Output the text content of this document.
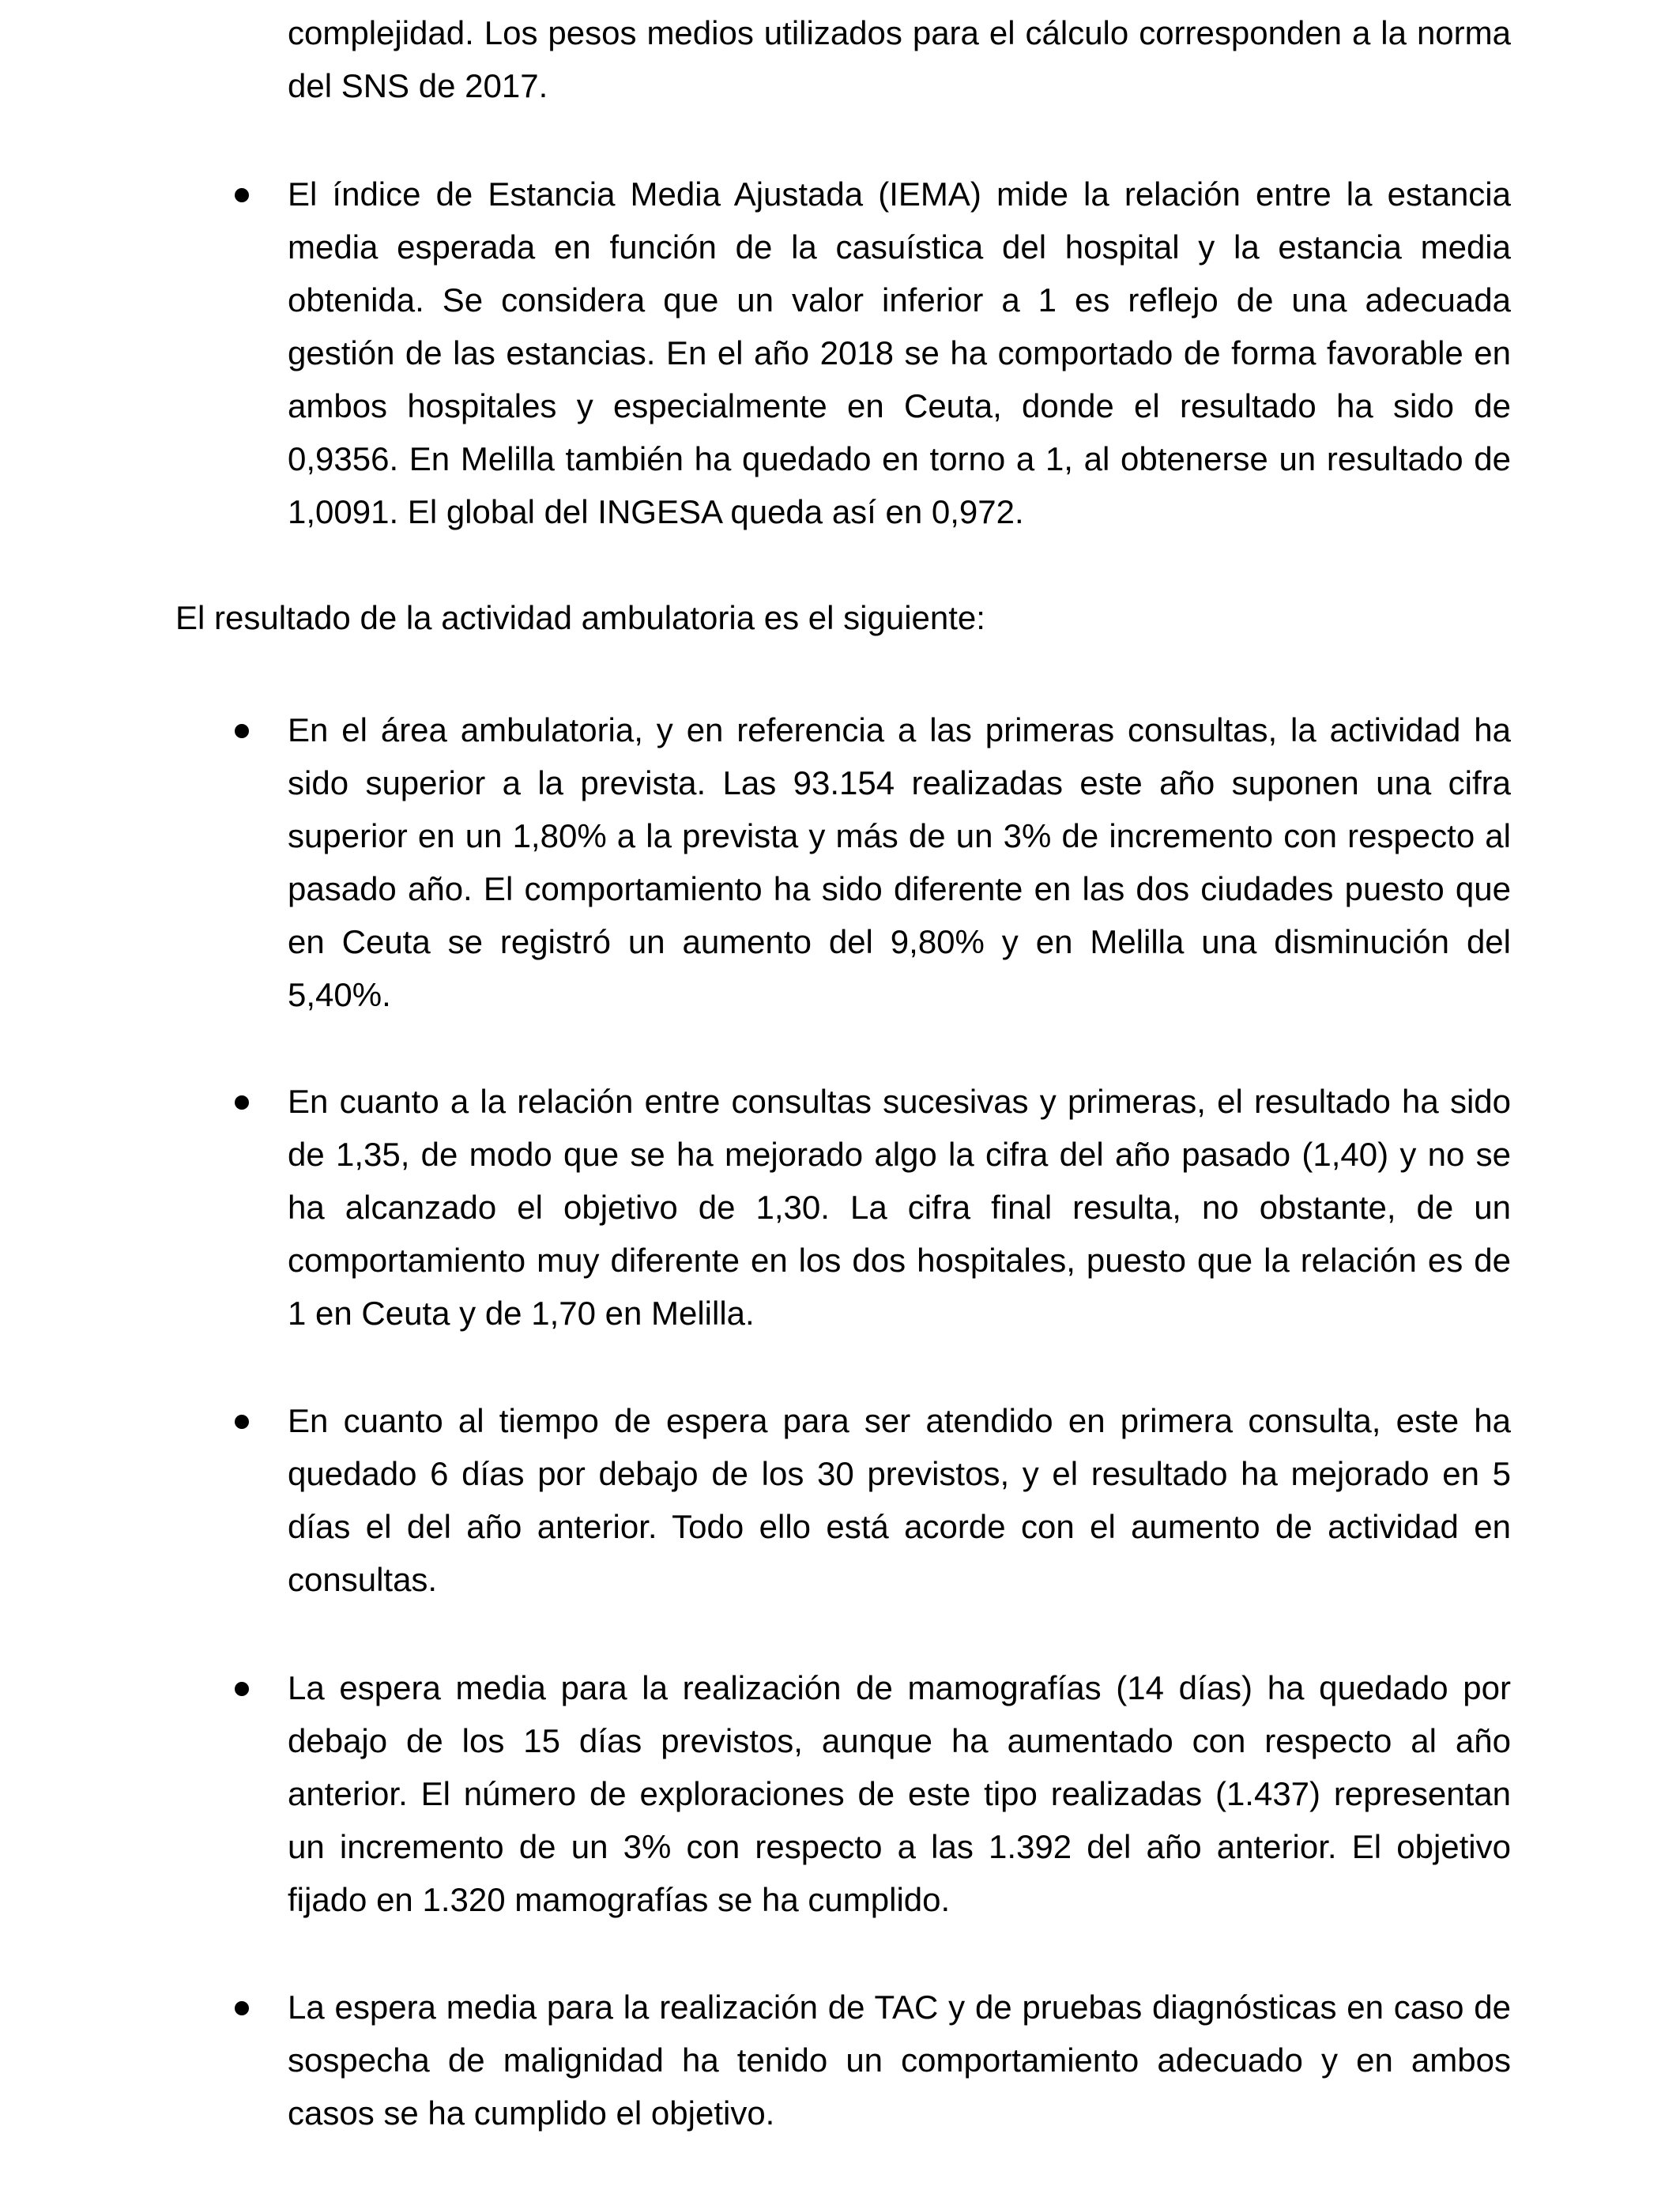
complejidad. Los pesos medios utilizados para el cálculo corresponden a la norma del SNS de 2017.

El índice de Estancia Media Ajustada (IEMA) mide la relación entre la estancia media esperada en función de la casuística del hospital y la estancia media obtenida. Se considera que un valor inferior a 1 es reflejo de una adecuada gestión de las estancias. En el año 2018 se ha comportado de forma favorable en ambos hospitales y especialmente en Ceuta, donde el resultado ha sido de 0,9356. En Melilla también ha quedado en torno a 1, al obtenerse un resultado de 1,0091. El global del INGESA queda así en 0,972.

El resultado de la actividad ambulatoria es el siguiente:

En el área ambulatoria, y en referencia a las primeras consultas, la actividad ha sido superior a la prevista. Las 93.154 realizadas este año suponen una cifra superior en un 1,80% a la prevista y más de un 3% de incremento con respecto al pasado año. El comportamiento ha sido diferente en las dos ciudades puesto que en Ceuta se registró un aumento del 9,80% y en Melilla una disminución del 5,40%.

En cuanto a la relación entre consultas sucesivas y primeras, el resultado ha sido de 1,35, de modo que se ha mejorado algo la cifra del año pasado (1,40) y no se ha alcanzado el objetivo de 1,30. La cifra final resulta, no obstante, de un comportamiento muy diferente en los dos hospitales, puesto que la relación es de 1 en Ceuta y de 1,70 en Melilla.

En cuanto al tiempo de espera para ser atendido en primera consulta, este ha quedado 6 días por debajo de los 30 previstos, y el resultado ha mejorado en 5 días el del año anterior. Todo ello está acorde con el aumento de actividad en consultas.

La espera media para la realización de mamografías (14 días) ha quedado por debajo de los 15 días previstos, aunque ha aumentado con respecto al año anterior. El número de exploraciones de este tipo realizadas (1.437) representan un incremento de un 3% con respecto a las 1.392 del año anterior. El objetivo fijado en 1.320 mamografías se ha cumplido.

La espera media para la realización de TAC y de pruebas diagnósticas en caso de sospecha de malignidad ha tenido un comportamiento adecuado y en ambos casos se ha cumplido el objetivo.
